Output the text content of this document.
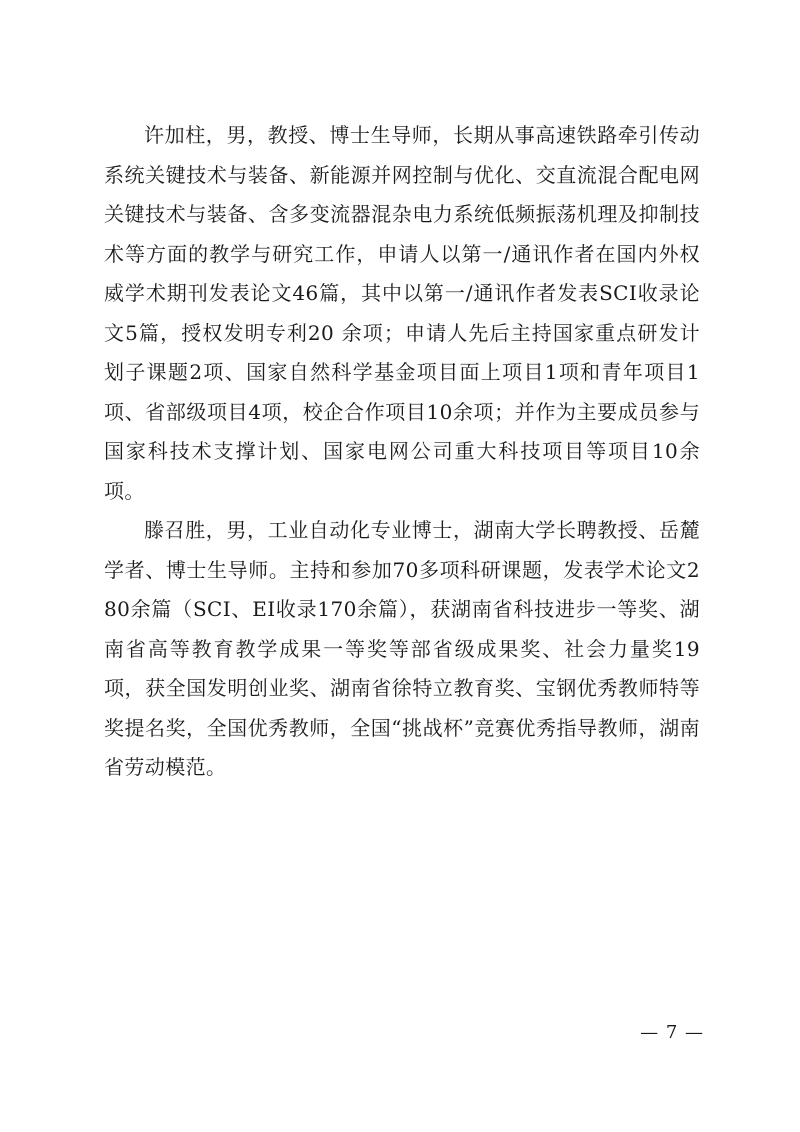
许加柱，男，教授、博士生导师，长期从事高速铁路牵引传动系统关键技术与装备、新能源并网控制与优化、交直流混合配电网关键技术与装备、含多变流器混杂电力系统低频振荡机理及抑制技术等方面的教学与研究工作，申请人以第一/通讯作者在国内外权威学术期刊发表论文46篇，其中以第一/通讯作者发表SCI收录论文5篇，授权发明专利20 余项；申请人先后主持国家重点研发计划子课题2项、国家自然科学基金项目面上项目1项和青年项目1项、省部级项目4项，校企合作项目10余项；并作为主要成员参与国家科技术支撑计划、国家电网公司重大科技项目等项目10余项。

滕召胜，男，工业自动化专业博士，湖南大学长聘教授、岳麓学者、博士生导师。主持和参加70多项科研课题，发表学术论文280余篇（SCI、EI收录170余篇），获湖南省科技进步一等奖、湖南省高等教育教学成果一等奖等部省级成果奖、社会力量奖19项，获全国发明创业奖、湖南省徐特立教育奖、宝钢优秀教师特等奖提名奖，全国优秀教师，全国“挑战杯”竞赛优秀指导教师，湖南省劳动模范。

— 7 —
